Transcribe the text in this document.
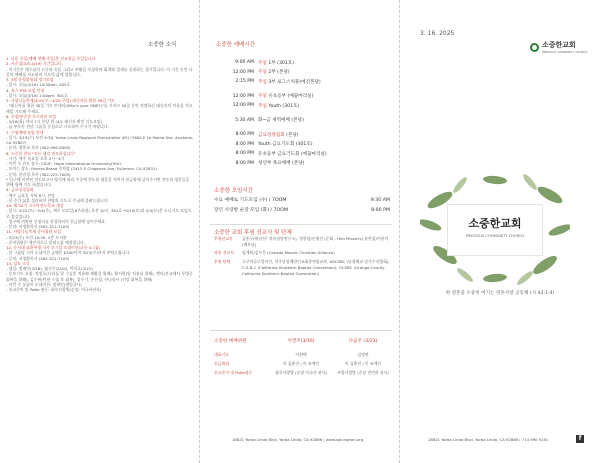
소중한 소식
1. 다음 주일(예배 넷째 주일)은 선교헌금 주일입니다.
2. 사순절(3/5-4/19) 기간입니다.
- 이기간은 예수님의 고난과 죽음 그리고 부활을 묵상하며 회개와 절제를 실천하는 절기입니다. 이 기간 동안 다 같이 예배를 사모하며 기도의 삶에 힘씁니다.
3. 3월 운영위원회 정기모임
- 일시: 오늘(3/16) 10:50am, 205호
4. 유스 PTA 모임 안내
- 일시: 오늘(3/16) 2:00pm, 301호
5. 사랑나눔축제(4/19 토~4/20 주일) 태신자를 위한 30일 기도
- "태신자를 위한 30일 기도 안내서(Who's your ONE?)"를 가지고 30일 동안 작정하신 태신자의 이름을 적고 매일 기도해 주세요.
6. 순장/부순장 모프라인 모임
- 3/18(화) 저녁 7시 본당 위 (4/1 태신자 확인 기도모임)
- 늘 부목사 전담 그룹을 중심으로 기도하여 주시기 바랍니다.
7. 수영예배 모임 안내
- 일시: 3/19(수) 오전 9:30, Yorba Linda Regional Park(shelter #5) (7600 E La Palma Ave, Anaheim, CA 92807)
- 문의: 정봉교 목사 (562-996-0005)
8. 소중한 찬도 "모든 생각 전도하십니다"
- 시간: 매주 목요일 오후 2시~4시
- 이번 주 찬도 장소: CSUF, Hope International University(HIU)
- 모이는 장소: Panera Bread 주차장 (2415 E Chapman Ave, Fullerton, CA 92831)
- 문의: 한미경 목사 (562-225-7005)
* 입구에 마련된 전도보고서 양식에 따라 주중에 전도한 영혼을 적어서 헌금함에 넣어주시면 전도한 영혼들을 위해 함께 기도 하겠습니다.
9. 금요성경집회
- 매주 금요일 저녁 8시, 본당
- 한 주간 삶을 정리하며 찬양과 기도로 주님께 올려드립니다.
10. 제 32기 고구마전도학교 개강
- 일시: 3/22(토)~5/4(주), 매주 토요일(8주과정) 오전 10시, 301호 *4/19(토)과 5/3(토)은 도니기도 모임으로 휴강입니다.
- 입구에 비치된 신청서를 작성하셔서 헌금함에 넣어주세요.
- 문의: 서정환목사 (562-321-7105)
11. 사랑나눔축제 준비위원 모임
- 3/23(주) 오전 10:50, 2층 도서관
- 준비위원은 개인적으로 알려드릴 예정입니다.
12. 동서대 교환학생 식사 초스일 도네이션(초등 4그룹)
- 한 그룹당 식사 도네이션 금액은 $200이며 3/23(주)까지 부탁드립니다.
- 문의: 서정환목사 (562-321-7105)
13. 성도 소식
- 생일: 정재민(3/16), 염선주(3/20), 박지호(3/21)
- 중보기도 요청: 정성호(다리를 잘 수술후 치유와 재활을 위해), 황지현(암 치유를 위해), 엔더(후교에서 투병중 회복을 위해), 김수연(탄한 수술 후 회복), 강우기, 손선경, 산나목사 (건강 회복을 위해)
- 이번 주 꽃꽂이 도네이션: 정재인(생일감사)
- 친교준비 및 Patio 점돈: 화목사랑방(순장: 이국자권사)
소중한 예배시간
9:00 AM 주일 1부 (301호)
12:00 PM 주일 2부 (본당)
2:15 PM 주일 3부 로그스처플(예진본당)
12:00 PM 주일 유초등부 (예꿈마리실)
12:00 PM 주일 Youth (301호)
5:30 AM 화~금 새벽예배 (본당)
8:00 PM 금요성령집회 (본당)
8:00 PM Youth 금요기도회 (301호)
8:00 PM 유초등부 금요기도회 (예꿈마리실)
8:00 PM 청년부 목요예배 (본당)
소중한 모임시간
수요 예배로 기도모임 (수) / 7OOM	9:30 AM
장년 사랑방 순장 모임 (화) / 7OOM	8:00 PM
소중한 교회 후원 선교사 및 단체
후원선교사	김홍구(북)인주 치유상담연구소), 정형원/손영진 (순회 - Him Ministry) 유란철/이윤미 (베트남)
파송 선교사	임재원/김무웅 (Canada Mosaic Christian Alliance)
후원 단체	고구마글로벌미션, 미주남침례한인교회총연합교부, ASCSBC (남침례교 남가주지방회), C.S.B.C (California Southern Baptist Convention), OCSBC (Orange County California Southern Baptist Convention)
소중한 예배위원	이번주(3/16)	다음주 (3/23)
대표기도	이현택	김정연
헌금위원	이 김춘진 / 이 조예인	이 김춘진 / 이 조예인
친교준비 및 Patio점돈	화목사랑방 (순장 이국자 권사)	사랑사랑방 (순장 천민희 권사)
18821 Yorba Linda Blvd. Yorba Linda, CA 92886 | www.sojunghan.org
3. 16. 2025
소중한교회
PRECIOUS COMMUNITY CHURCH
소중한교회
PRECIOUS COMMUNITY CHURCH
한 영혼을 소중히 여기는 영혼사랑 공동체 (사 43:1-4)
18821 Yorba Linda Blvd. Yorba Linda, CA 92886 | 714 990 9191	f
